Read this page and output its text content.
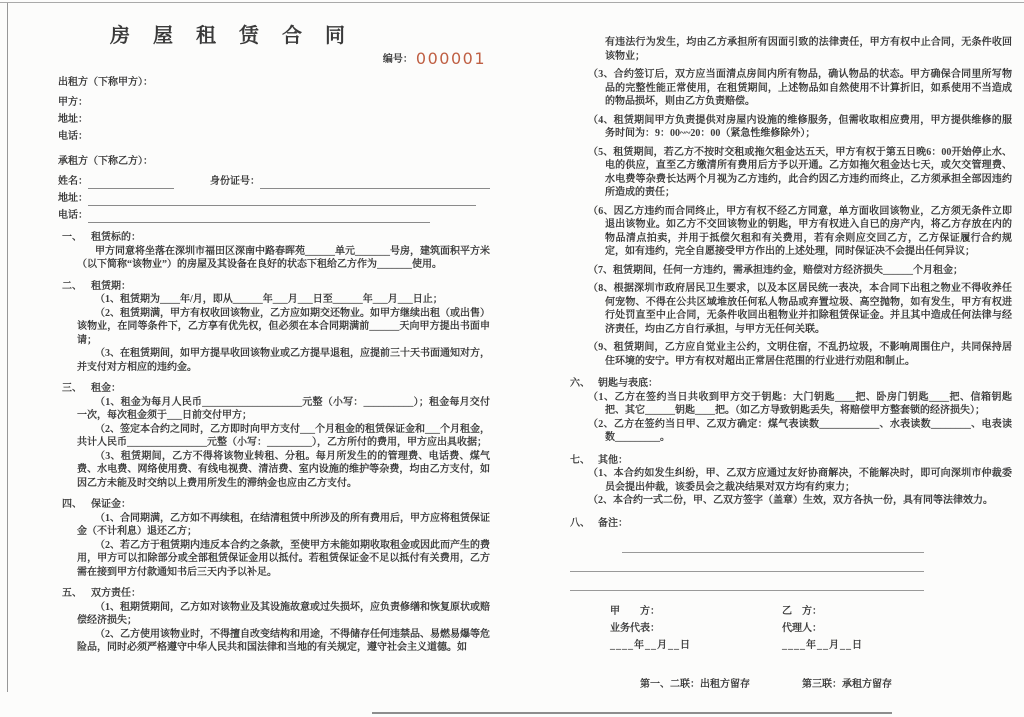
房 屋 租 赁 合 同
编号： 000001
出租方（下称甲方）：
甲方：
地址：
电话：
承租方（下称乙方）：
姓名：	身份证号：
地址：
电话：
一、 租赁标的：

甲方同意将坐落在深圳市福田区深南中路春晖苑______单元_______号房，建筑面积平方米（以下简称“该物业”）的房屋及其设备在良好的状态下租给乙方作为_______使用。

二、 租赁期：

（1、租赁期为____年/月，即从______年___月___日至______年___月___日止；

（2、租赁期满，甲方有权收回该物业，乙方应如期交还物业。如甲方继续出租（或出售）该物业，在同等条件下，乙方享有优先权，但必须在本合同期满前______天向甲方提出书面申请；

（3、在租赁期间，如甲方提早收回该物业或乙方提早退租，应提前三十天书面通知对方，并支付对方相应的违约金。

三、 租金：

（1、租金为每月人民币____________________元整（小写：__________）；租金每月交付一次，每次租金须于___日前交付甲方；

（2、签定本合约之同时，乙方即时向甲方支付___个月租金的租赁保证金和___个月租金，共计人民币________________元整（小写：_________），乙方所付的费用，甲方应出具收据；

（3、租赁期间，乙方不得将该物业转租、分租。每月所发生的的管理费、电话费、煤气费、水电费、网络使用费、有线电视费、清洁费、室内设施的维护等杂费，均由乙方支付，如因乙方未能及时交纳以上费用所发生的滞纳金也应由乙方支付。

四、 保证金：

（1、合同期满，乙方如不再续租，在结清租赁中所涉及的所有费用后，甲方应将租赁保证金（不计利息）退还乙方；

（2、若乙方于租赁期内违反本合约之条款，至使甲方未能如期收取租金或因此而产生的费用，甲方可以扣除部分或全部租赁保证金用以抵付。若租赁保证金不足以抵付有关费用，乙方需在接到甲方付款通知书后三天内予以补足。

五、 双方责任：

（1、租期赁期间，乙方如对该物业及其设施故意或过失损坏，应负责修缮和恢复原状或赔偿经济损失；

（2、乙方使用该物业时，不得擅自改变结构和用途，不得储存任何违禁品、易燃易爆等危险品，同时必须严格遵守中华人民共和国法律和当地的有关规定，遵守社会主义道德。如

有违法行为发生，均由乙方承担所有因面引致的法律责任，甲方有权中止合同，无条件收回该物业；

（3、合约签订后，双方应当面清点房间内所有物品，确认物品的状态。甲方确保合同里所写物品的完整性能正常使用，在租赁期间，上述物品如自然使用不计算折旧，如系使用不当造成的物品损坏，则由乙方负责赔偿。

（4、租赁期间甲方负责提供对房屋内设施的维修服务，但需收取相应费用，甲方提供维修的服务时间为：9：00~~20：00（紧急性维修除外）；

（5、租赁期间，若乙方不按时交租或拖欠租金达五天，甲方有权于第五日晚6：00开始停止水、电的供应，直至乙方缴清所有费用后方予以开通。乙方如拖欠租金达七天，或欠交管理费、水电费等杂费长达两个月视为乙方违约，此合约因乙方违约而终止，乙方须承担全部因违约所造成的责任；

（6、因乙方违约而合同终止，甲方有权不经乙方同意，单方面收回该物业，乙方须无条件立即退出该物业。如乙方不交回该物业的钥匙，甲方有权进入自已的房产内，将乙方存放在内的物品清点拍卖，并用于抵偿欠租和有关费用，若有余则应交回乙方，乙方保证履行合约规定，如有违约，完全自愿接受甲方作出的上述处理，同时保证决不会提出任何异议；

（7、租赁期间，任何一方违约，需承担违约金，赔偿对方经济损失______个月租金；

（8、根据深圳市政府居民卫生要求，以及本区居民统一表决，本合同下出租之物业不得收养任何宠物、不得在公共区域堆放任何私人物品或弃置垃圾、高空抛物，如有发生，甲方有权进行处罚直至中止合同，无条件收回出租物业并扣除租赁保证金。并且其中造成任何法律与经济责任，均由乙方自行承担，与甲方无任何关联。

（9、租赁期间，乙方应自觉业主公约，文明住宿，不乱扔垃圾，不影响周围住户，共同保持居住环境的安宁。甲方有权对超出正常居住范围的行业进行劝阻和制止。

六、 钥匙与表底：

（1、乙方在签约当日共收到甲方交于钥匙：大门钥匙____把、卧房门钥匙____把、信箱钥匙把、其它______钥匙____把。（如乙方导致钥匙丢失，将赔偿甲方整套锁的经济损失）；

（2、乙方在签约当日甲、乙双方确定：煤气表读数____________、水表读数________、电表读数_________。

七、 其他：

（1、本合约如发生纠纷，甲、乙双方应通过友好协商解决，不能解决时，即可向深圳市仲裁委员会提出仲裁，该委员会之裁决结果对双方均有约束力；

（2、本合约一式二份，甲、乙双方签字（盖章）生效，双方各执一份，具有同等法律效力。

八、 备注：
甲　　方：	乙　方：
业务代表：	代理人：
____年__月__日	____年__月__日
第一、二联：出租方留存	第三联：承租方留存
